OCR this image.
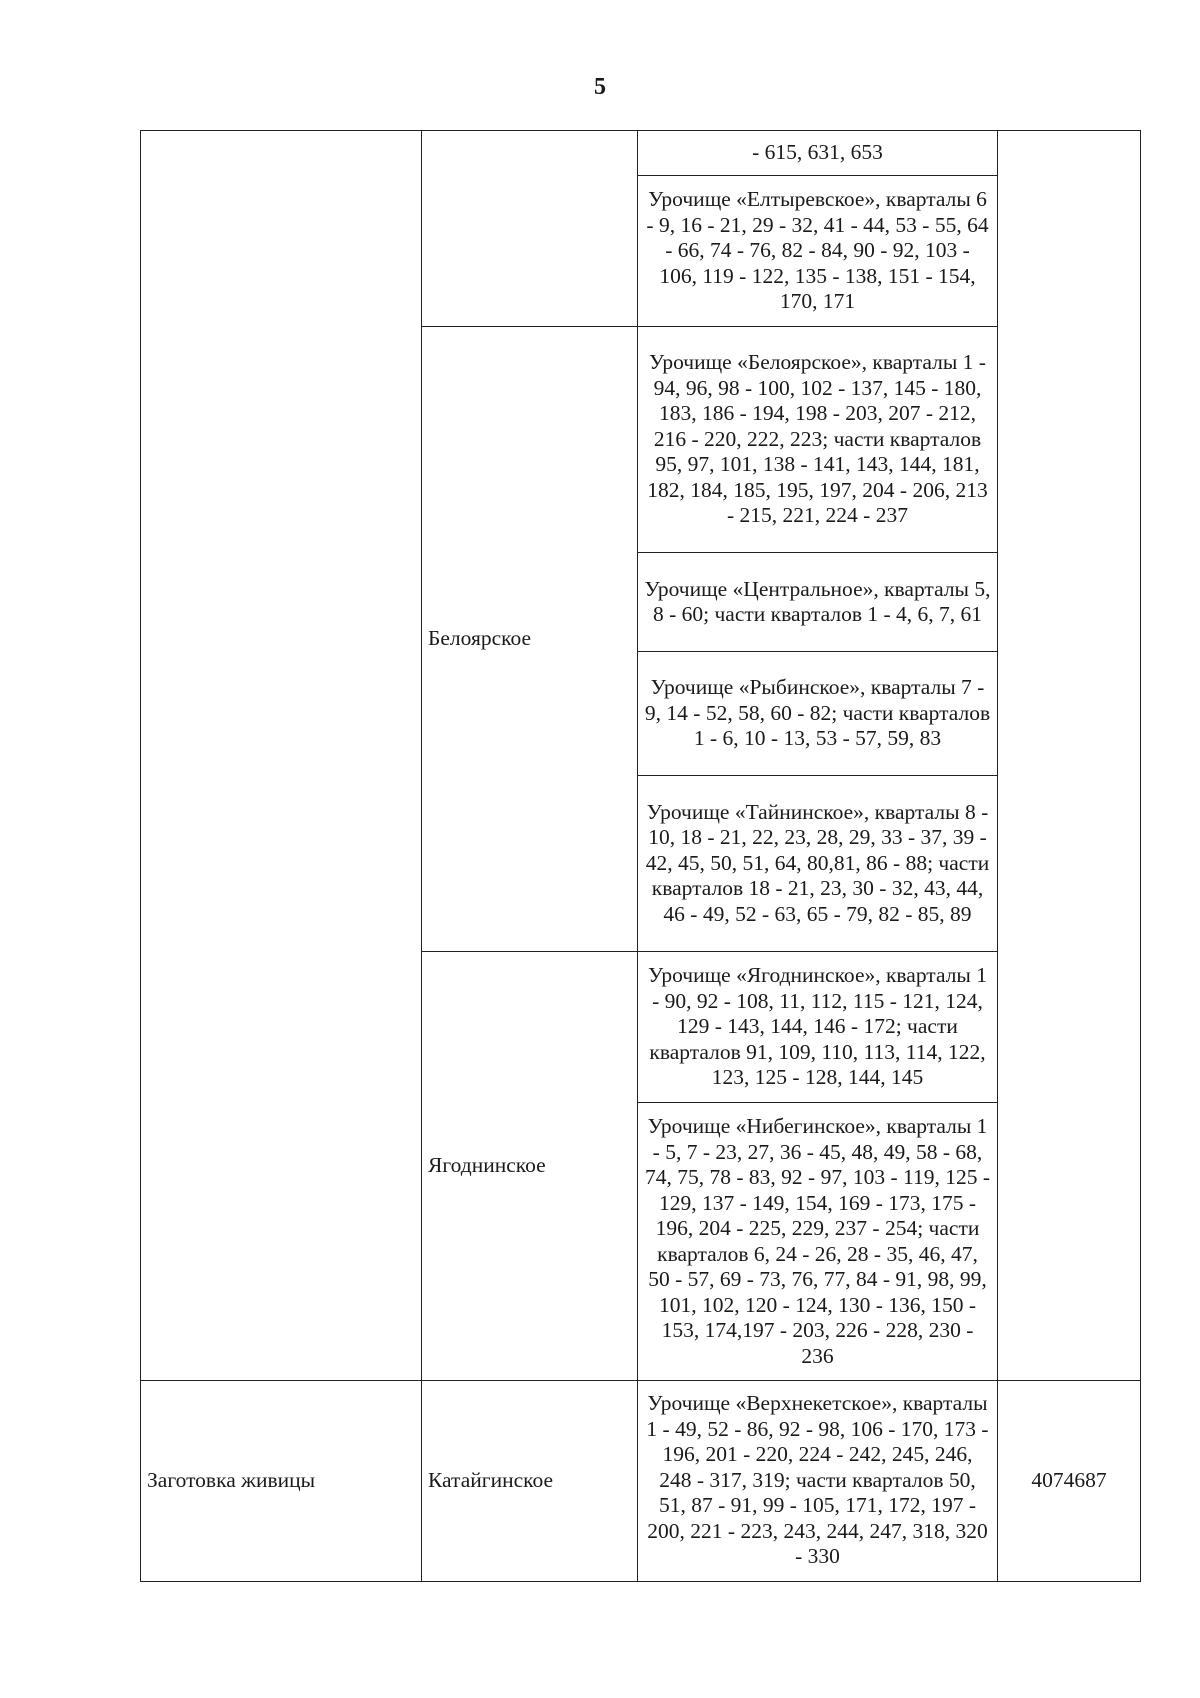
5
		- 615, 631, 653	
		Урочище «Елтыревское», кварталы 6 - 9, 16 - 21, 29 - 32, 41 - 44, 53 - 55, 64 - 66, 74 - 76, 82 - 84, 90 - 92, 103 - 106, 119 - 122, 135 - 138, 151 - 154, 170, 171	
	Белоярское	Урочище «Белоярское», кварталы 1 - 94, 96, 98 - 100, 102 - 137, 145 - 180, 183, 186 - 194, 198 - 203, 207 - 212, 216 - 220, 222, 223; части кварталов 95, 97, 101, 138 - 141, 143, 144, 181, 182, 184, 185, 195, 197, 204 - 206, 213 - 215, 221, 224 - 237	
		Урочище «Центральное», кварталы 5, 8 - 60; части кварталов 1 - 4, 6, 7, 61	
		Урочище «Рыбинское», кварталы 7 - 9, 14 - 52, 58, 60 - 82; части кварталов 1 - 6, 10 - 13, 53 - 57, 59, 83	
		Урочище «Тайнинское», кварталы 8 - 10, 18 - 21, 22, 23, 28, 29, 33 - 37, 39 - 42, 45, 50, 51, 64, 80,81, 86 - 88; части кварталов 18 - 21, 23, 30 - 32, 43, 44, 46 - 49, 52 - 63, 65 - 79, 82 - 85, 89	
	Ягоднинское	Урочище «Ягоднинское», кварталы 1 - 90, 92 - 108, 11, 112, 115 - 121, 124, 129 - 143, 144, 146 - 172; части кварталов 91, 109, 110, 113, 114, 122, 123, 125 - 128, 144, 145	
		Урочище «Нибегинское», кварталы 1 - 5, 7 - 23, 27, 36 - 45, 48, 49, 58 - 68, 74, 75, 78 - 83, 92 - 97, 103 - 119, 125 - 129, 137 - 149, 154, 169 - 173, 175 - 196, 204 - 225, 229, 237 - 254; части кварталов 6, 24 - 26, 28 - 35, 46, 47, 50 - 57, 69 - 73, 76, 77, 84 - 91, 98, 99, 101, 102, 120 - 124, 130 - 136, 150 - 153, 174,197 - 203, 226 - 228, 230 - 236	
Заготовка живицы	Катайгинское	Урочище «Верхнекетское», кварталы 1 - 49, 52 - 86, 92 - 98, 106 - 170, 173 - 196, 201 - 220, 224 - 242, 245, 246, 248 - 317, 319; части кварталов 50, 51, 87 - 91, 99 - 105, 171, 172, 197 - 200, 221 - 223, 243, 244, 247, 318, 320 - 330	4074687
